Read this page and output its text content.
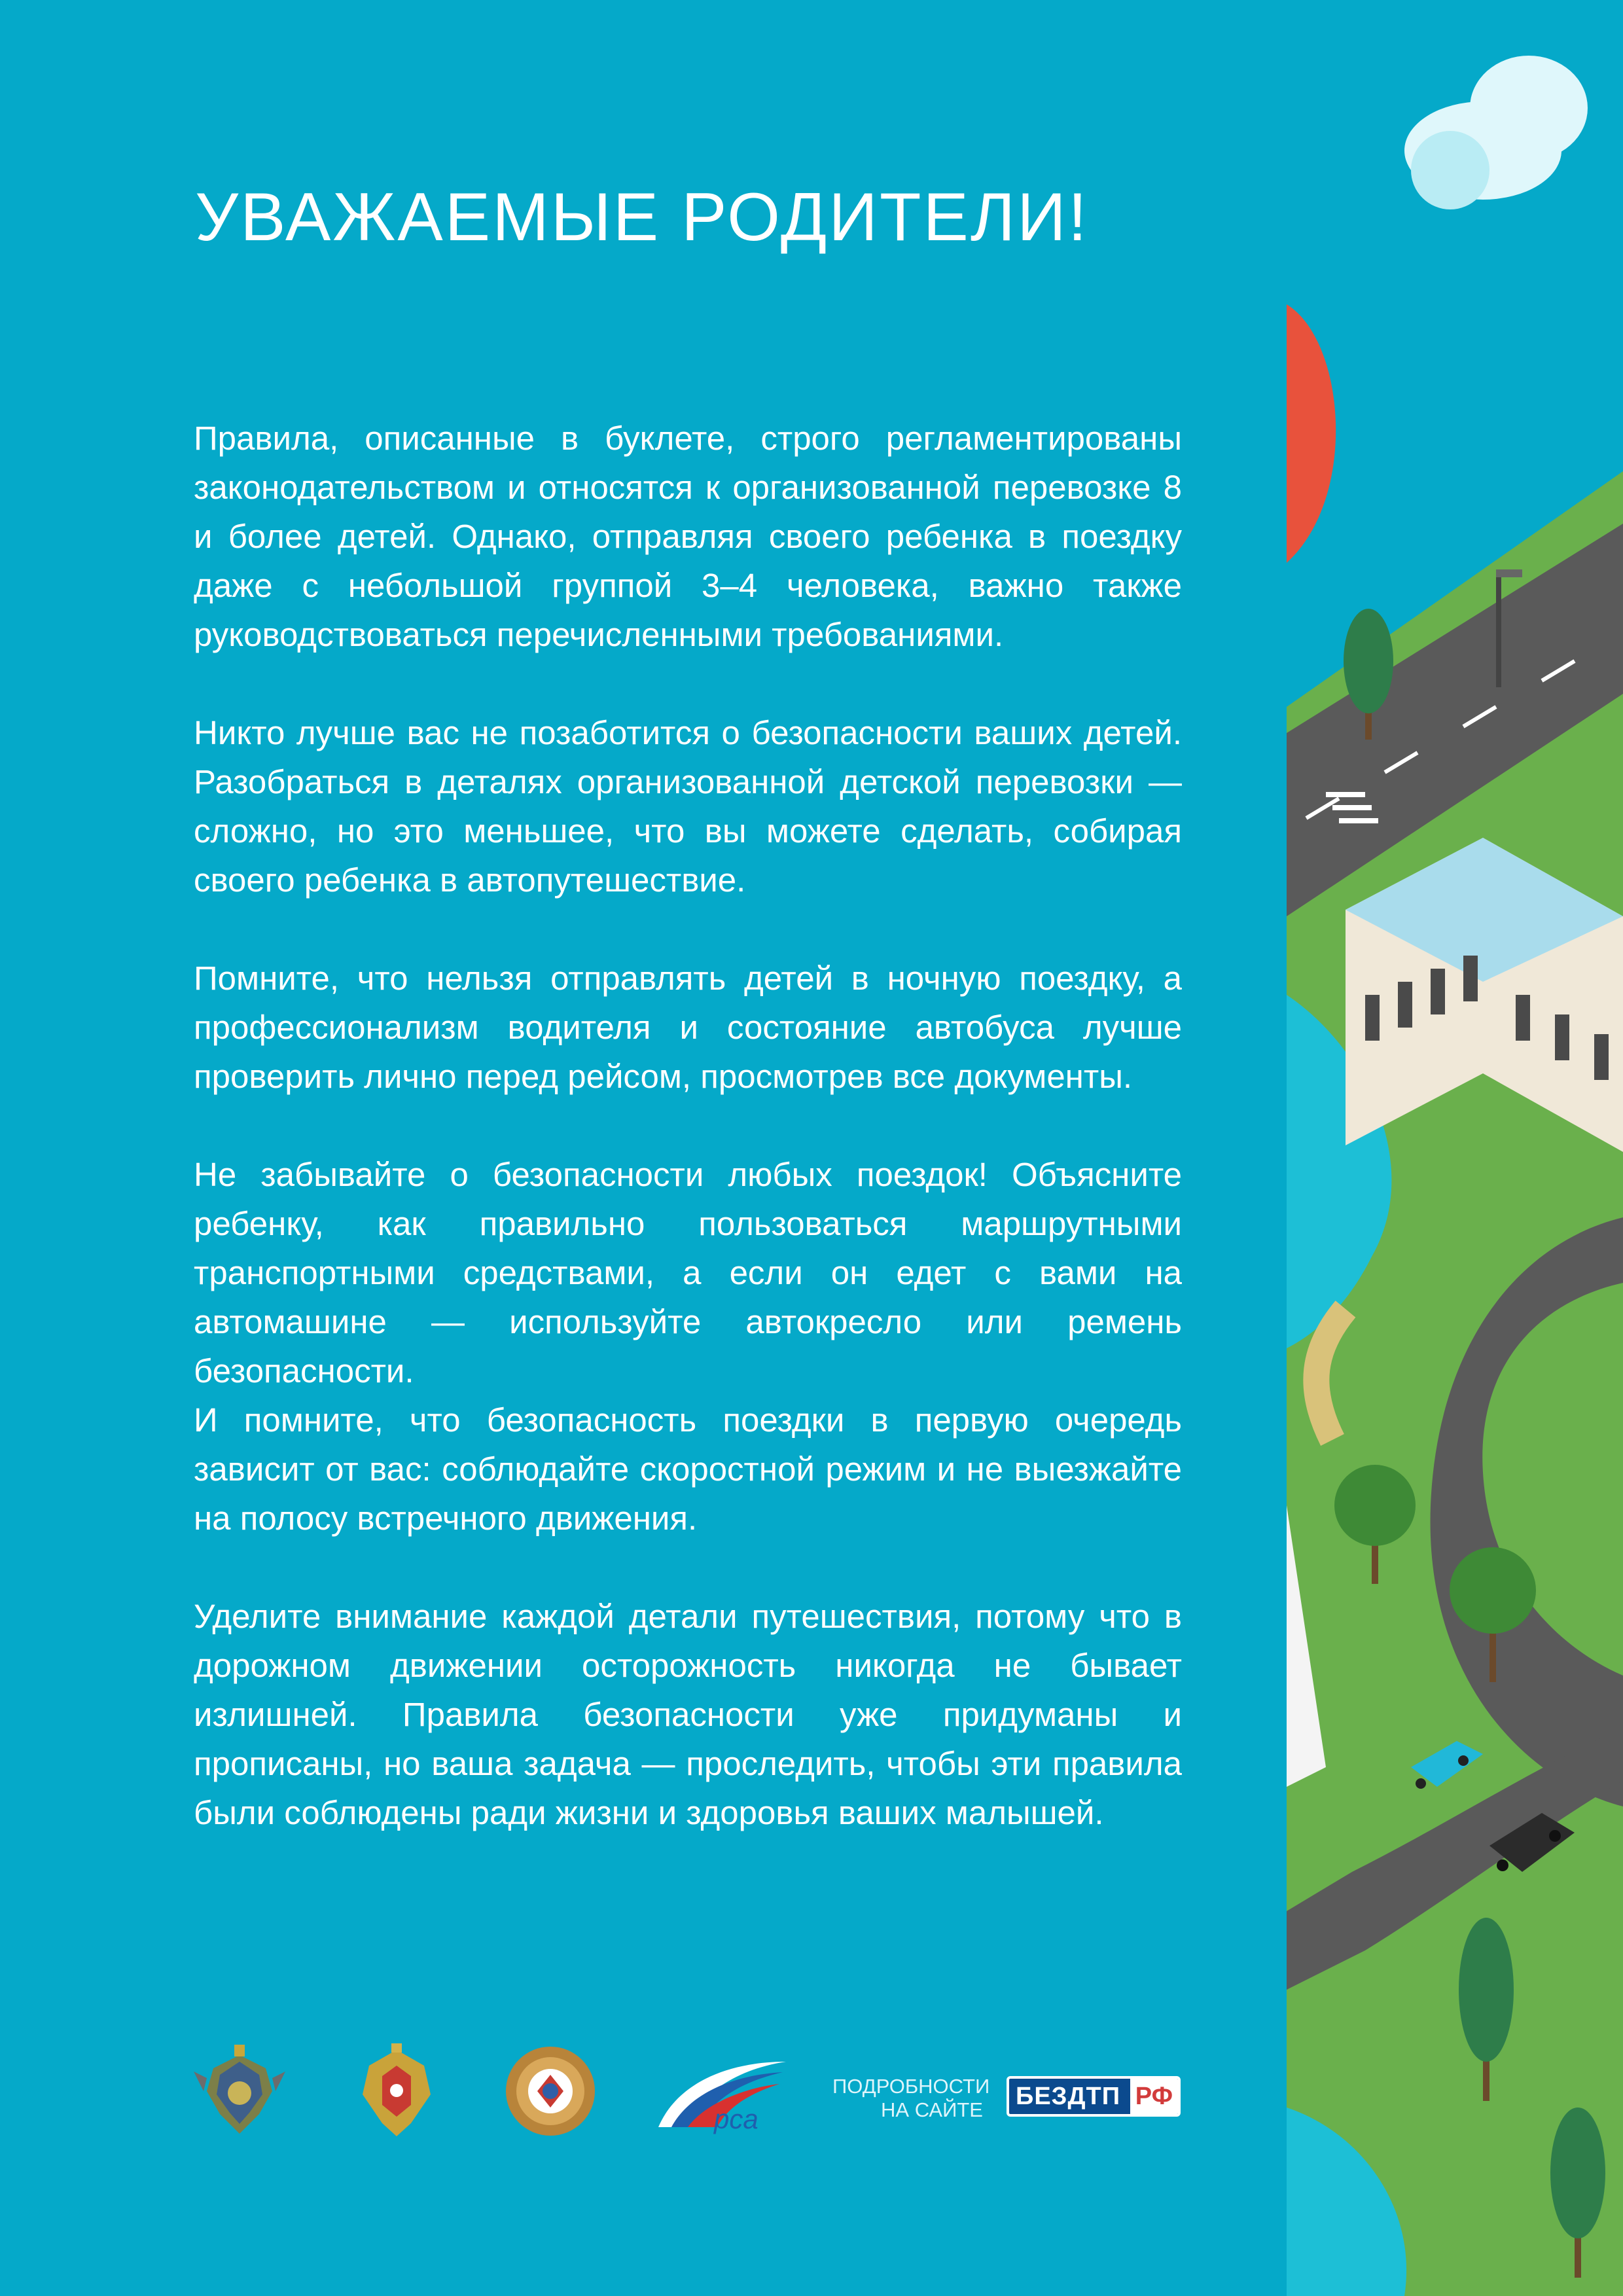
УВАЖАЕМЫЕ РОДИТЕЛИ!

Правила, описанные в буклете, строго регламентированы законодательством и относятся к организованной перевозке 8 и более детей. Однако, отправляя своего ребенка в поездку даже с небольшой группой 3–4 человека, важно также руководствоваться перечисленными требованиями.

Никто лучше вас не позаботится о безопасности ваших детей. Разобраться в деталях организованной детской перевозки — сложно, но это меньшее, что вы можете сделать, собирая своего ребенка в автопутешествие.

Помните, что нельзя отправлять детей в ночную поездку, а профессионализм водителя и состояние автобуса лучше проверить лично перед рейсом, просмотрев все документы.

Не забывайте о безопасности любых поездок! Объясните ребенку, как правильно пользоваться маршрутными транспортными средствами, а если он едет с вами на автомашине — используйте автокресло или ремень безопасности.

И помните, что безопасность поездки в первую очередь зависит от вас: соблюдайте скоростной режим и не выезжайте на полосу встречного движения.

Уделите внимание каждой детали путешествия, потому что в дорожном движении осторожность никогда не бывает излишней. Правила безопасности уже придуманы и прописаны, но ваша задача — проследить, чтобы эти правила были соблюдены ради жизни и здоровья ваших малышей.

рса
ПОДРОБНОСТИ НА САЙТЕ БЕЗДТП РФ
